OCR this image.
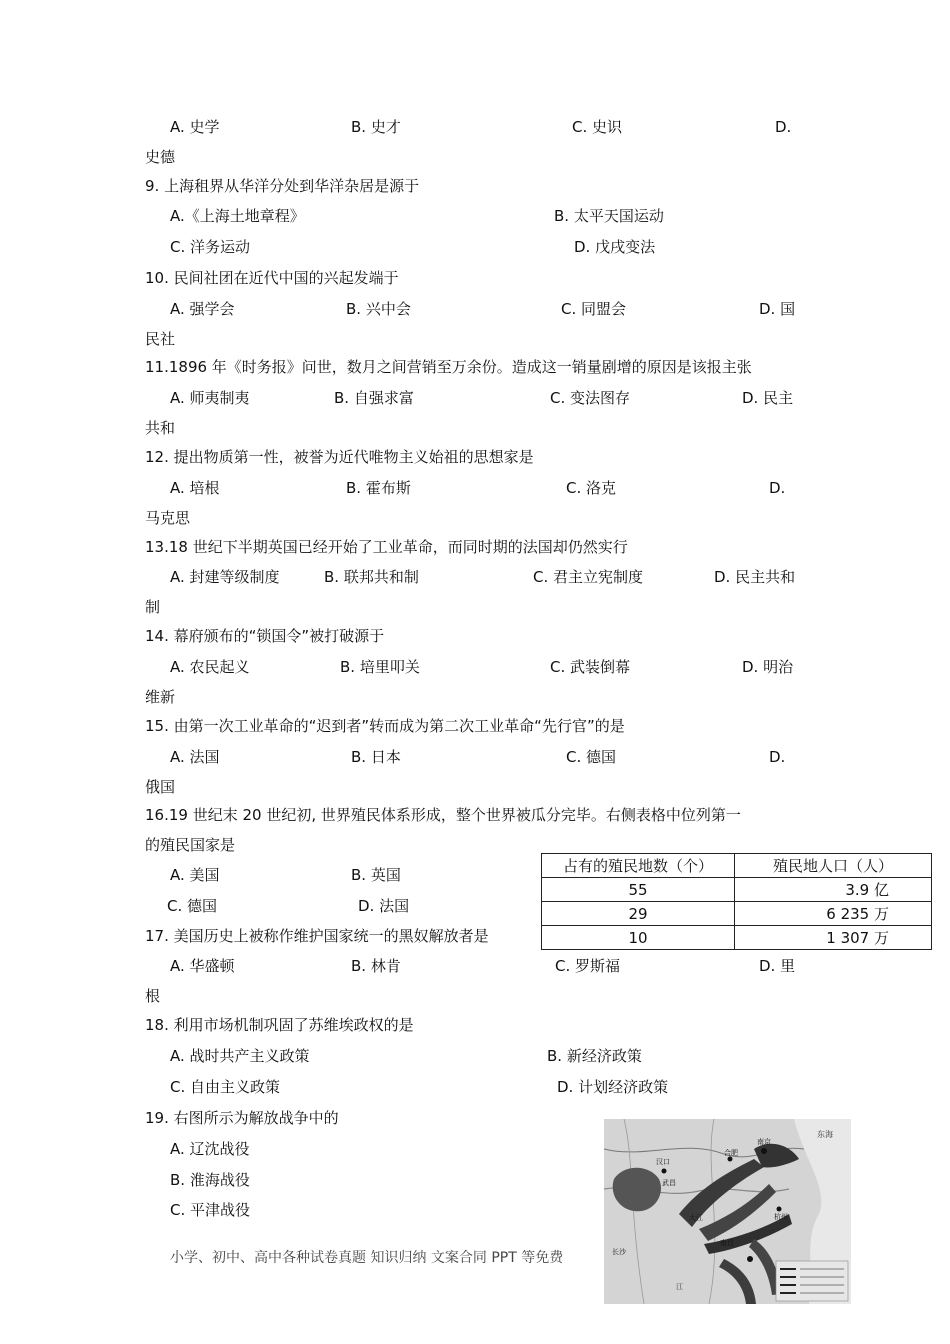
A. 史学	B. 史才	C. 史识	D.
史德
9. 上海租界从华洋分处到华洋杂居是源于
A.《上海土地章程》	B. 太平天国运动
C. 洋务运动	D. 戊戌变法
10. 民间社团在近代中国的兴起发端于
A. 强学会	B. 兴中会	C. 同盟会	D. 国
民社
11.1896 年《时务报》问世，数月之间营销至万余份。造成这一销量剧增的原因是该报主张
A. 师夷制夷	B. 自强求富	C. 变法图存	D. 民主
共和
12. 提出物质第一性，被誉为近代唯物主义始祖的思想家是
A. 培根	B. 霍布斯	C. 洛克	D.
马克思
13.18 世纪下半期英国已经开始了工业革命，而同时期的法国却仍然实行
A. 封建等级制度	B. 联邦共和制	C. 君主立宪制度	D. 民主共和
制
14. 幕府颁布的“锁国令”被打破源于
A. 农民起义	B. 培里叩关	C. 武装倒幕	D. 明治
维新
15. 由第一次工业革命的“迟到者”转而成为第二次工业革命“先行官”的是
A. 法国	B. 日本	C. 德国	D.
俄国
16.19 世纪末 20 世纪初, 世界殖民体系形成，整个世界被瓜分完毕。右侧表格中位列第一
的殖民国家是
A. 美国	B. 英国
C. 德国	D. 法国
占有的殖民地数（个）	殖民地人口（人）
55	3.9 亿
29	6 235 万
10	1 307 万
17. 美国历史上被称作维护国家统一的黑奴解放者是
A. 华盛顿	B. 林肯	C. 罗斯福	D. 里
根
18. 利用市场机制巩固了苏维埃政权的是
A. 战时共产主义政策	B. 新经济政策
C. 自由主义政策	D. 计划经济政策
19. 右图所示为解放战争中的
A. 辽沈战役
B. 淮海战役
C. 平津战役
东海
合肥
南京
汉口
武昌
大江	杭州
南昌
长沙
江
小学、初中、高中各种试卷真题 知识归纳 文案合同 PPT 等免费
